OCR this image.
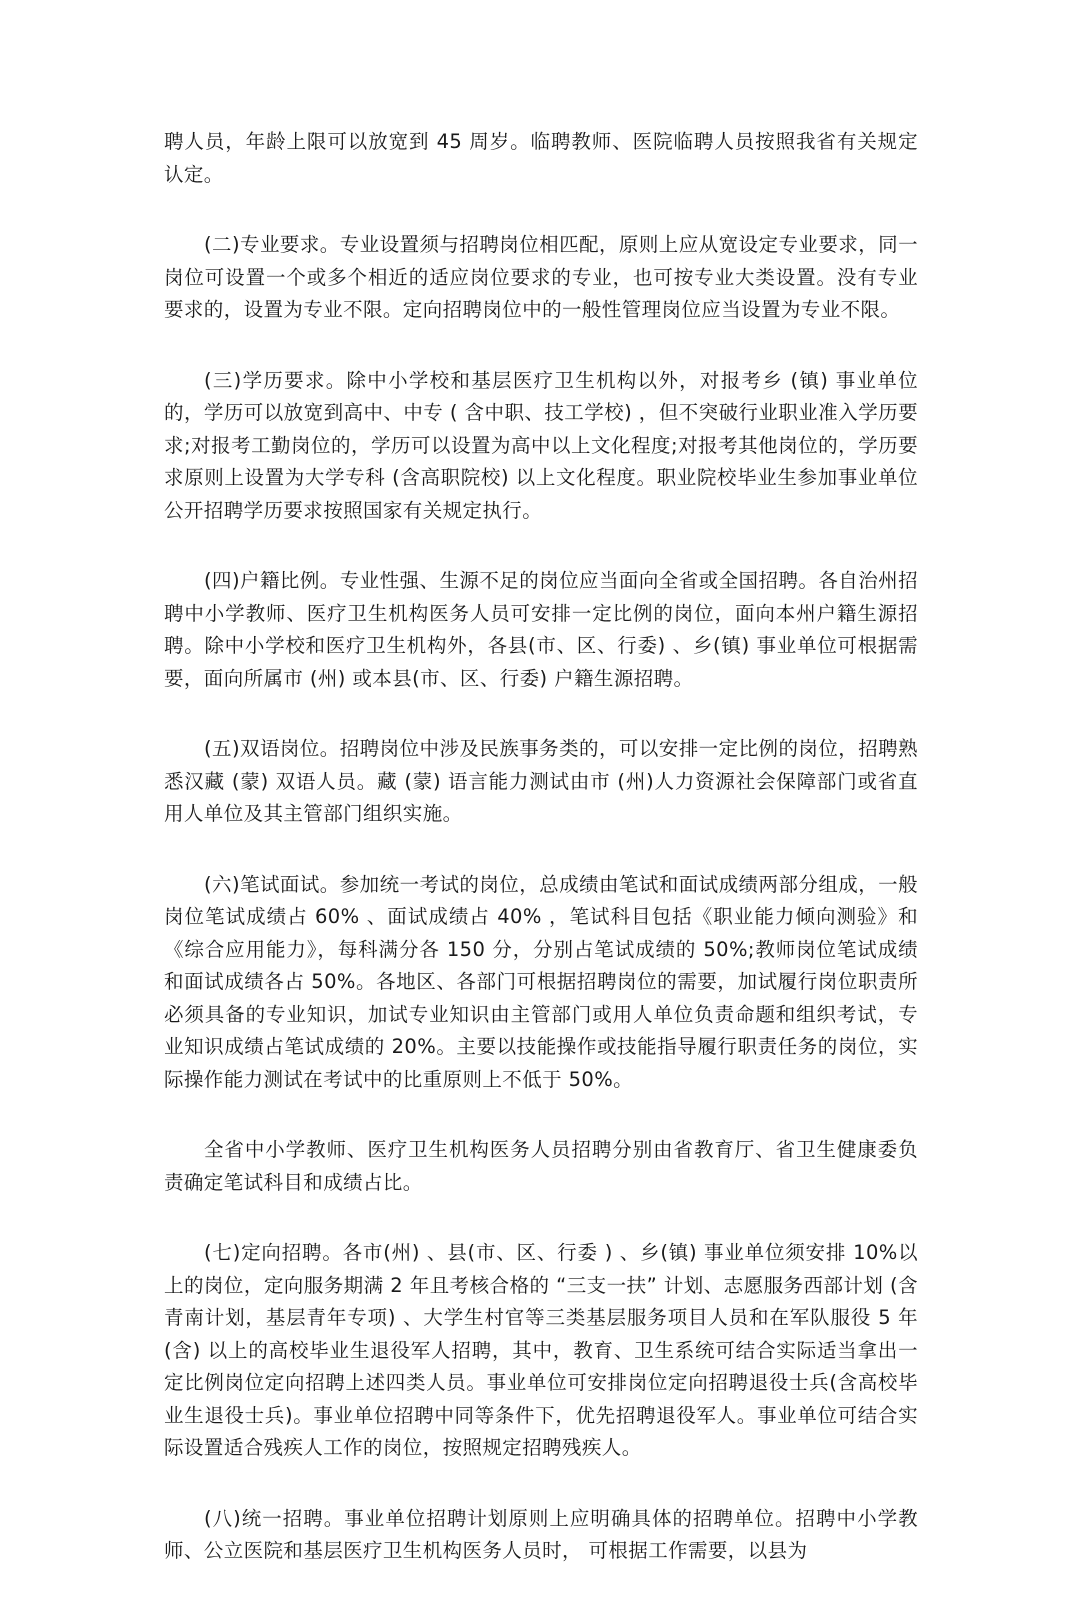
聘人员，年龄上限可以放宽到 45 周岁。临聘教师、医院临聘人员按照我省有关规定认定。

(二)专业要求。专业设置须与招聘岗位相匹配，原则上应从宽设定专业要求，同一岗位可设置一个或多个相近的适应岗位要求的专业，也可按专业大类设置。没有专业要求的，设置为专业不限。定向招聘岗位中的一般性管理岗位应当设置为专业不限。

(三)学历要求。除中小学校和基层医疗卫生机构以外，对报考乡 (镇) 事业单位的，学历可以放宽到高中、中专 ( 含中职、技工学校) ，但不突破行业职业准入学历要求;对报考工勤岗位的，学历可以设置为高中以上文化程度;对报考其他岗位的，学历要求原则上设置为大学专科 (含高职院校) 以上文化程度。职业院校毕业生参加事业单位公开招聘学历要求按照国家有关规定执行。

(四)户籍比例。专业性强、生源不足的岗位应当面向全省或全国招聘。各自治州招聘中小学教师、医疗卫生机构医务人员可安排一定比例的岗位，面向本州户籍生源招聘。除中小学校和医疗卫生机构外，各县(市、区、行委) 、乡(镇) 事业单位可根据需要，面向所属市 (州) 或本县(市、区、行委) 户籍生源招聘。

(五)双语岗位。招聘岗位中涉及民族事务类的，可以安排一定比例的岗位，招聘熟悉汉藏 (蒙) 双语人员。藏 (蒙) 语言能力测试由市 (州)人力资源社会保障部门或省直用人单位及其主管部门组织实施。

(六)笔试面试。参加统一考试的岗位，总成绩由笔试和面试成绩两部分组成，一般岗位笔试成绩占 60% 、面试成绩占 40% ，笔试科目包括《职业能力倾向测验》和《综合应用能力》，每科满分各 150 分，分别占笔试成绩的 50%;教师岗位笔试成绩和面试成绩各占 50%。各地区、各部门可根据招聘岗位的需要，加试履行岗位职责所必须具备的专业知识，加试专业知识由主管部门或用人单位负责命题和组织考试，专业知识成绩占笔试成绩的 20%。主要以技能操作或技能指导履行职责任务的岗位，实际操作能力测试在考试中的比重原则上不低于 50%。

全省中小学教师、医疗卫生机构医务人员招聘分别由省教育厅、省卫生健康委负责确定笔试科目和成绩占比。

(七)定向招聘。各市(州) 、县(市、区、行委 ) 、乡(镇) 事业单位须安排 10%以上的岗位，定向服务期满 2 年且考核合格的 “三支一扶” 计划、志愿服务西部计划 (含青南计划，基层青年专项) 、大学生村官等三类基层服务项目人员和在军队服役 5 年 (含) 以上的高校毕业生退役军人招聘，其中，教育、卫生系统可结合实际适当拿出一定比例岗位定向招聘上述四类人员。事业单位可安排岗位定向招聘退役士兵(含高校毕业生退役士兵)。事业单位招聘中同等条件下，优先招聘退役军人。事业单位可结合实际设置适合残疾人工作的岗位，按照规定招聘残疾人。

(八)统一招聘。事业单位招聘计划原则上应明确具体的招聘单位。招聘中小学教师、公立医院和基层医疗卫生机构医务人员时， 可根据工作需要，以县为
